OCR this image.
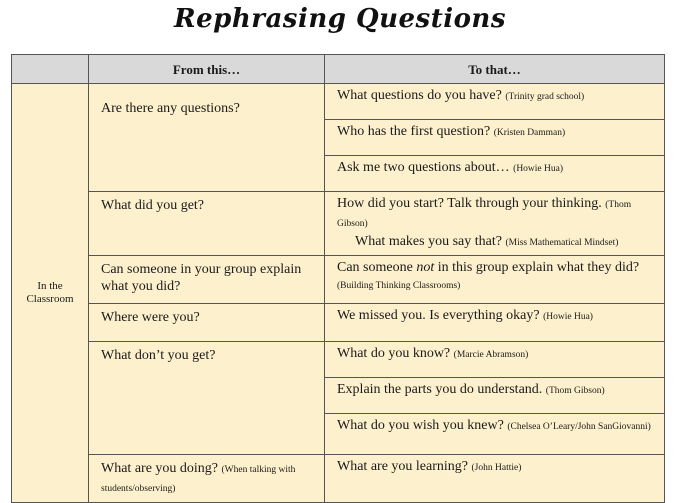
Rephrasing Questions
	From this…	To that…
In the Classroom	Are there any questions?	What questions do you have? (Trinity grad school)
		Who has the first question? (Kristen Damman)
		Ask me two questions about… (Howie Hua)
	What did you get?	How did you start? Talk through your thinking. (Thom Gibson)
What makes you say that? (Miss Mathematical Mindset)

	Can someone in your group explain what you did?	Can someone not in this group explain what they did? (Building Thinking Classrooms)
	Where were you?	We missed you. Is everything okay? (Howie Hua)
	What don’t you get?	What do you know? (Marcie Abramson)
		Explain the parts you do understand. (Thom Gibson)
		What do you wish you knew? (Chelsea O’Leary/John SanGiovanni)
	What are you doing? (When talking with students/observing)	What are you learning? (John Hattie)
